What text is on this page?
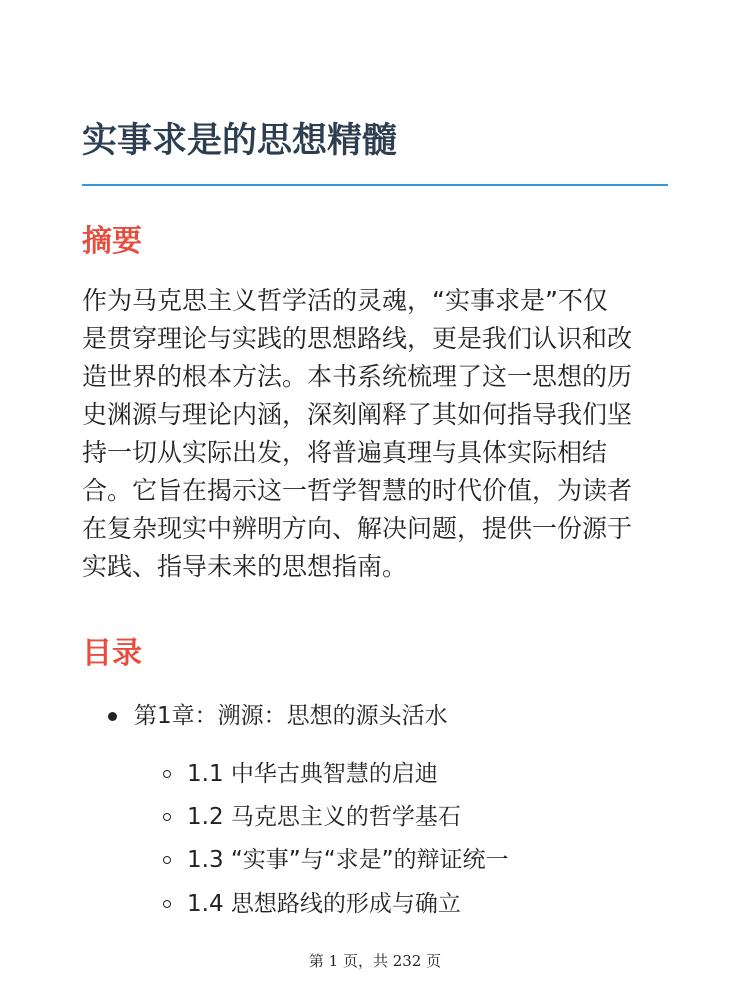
实事求是的思想精髓
摘要

作为马克思主义哲学活的灵魂，“实事求是”不仅
是贯穿理论与实践的思想路线，更是我们认识和改
造世界的根本方法。本书系统梳理了这一思想的历
史渊源与理论内涵，深刻阐释了其如何指导我们坚
持一切从实际出发，将普遍真理与具体实际相结
合。它旨在揭示这一哲学智慧的时代价值，为读者
在复杂现实中辨明方向、解决问题，提供一份源于
实践、指导未来的思想指南。

目录
第1章：溯源：思想的源头活水
1.1 中华古典智慧的启迪
1.2 马克思主义的哲学基石
1.3 “实事”与“求是”的辩证统一
1.4 思想路线的形成与确立
第 1 页，共 232 页
